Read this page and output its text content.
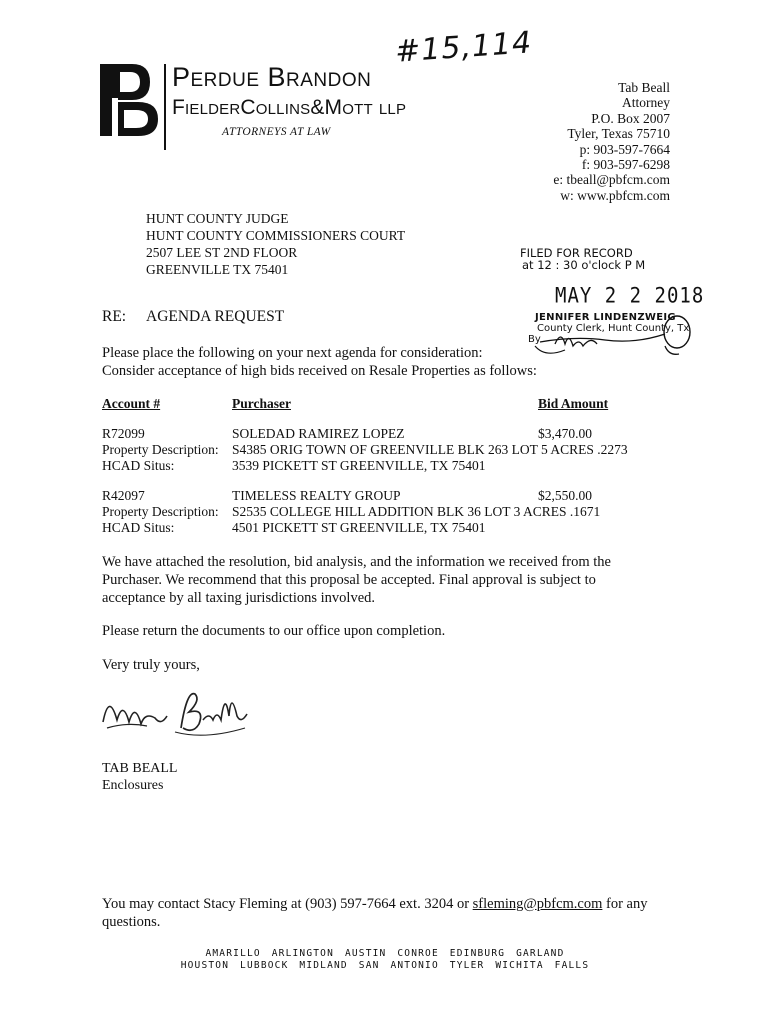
#15,114
Perdue Brandon
FielderCollins&Mott llp
ATTORNEYS AT LAW
Tab Beall
Attorney
P.O. Box 2007
Tyler, Texas 75710
p: 903-597-7664
f: 903-597-6298
e: tbeall@pbfcm.com
w: www.pbfcm.com
HUNT COUNTY JUDGE
HUNT COUNTY COMMISSIONERS COURT
2507 LEE ST 2ND FLOOR
GREENVILLE TX 75401
FILED FOR RECORD
at 12 : 30 o'clock P M
MAY 2 2 2018
JENNIFER LINDENZWEIG
County Clerk, Hunt County, Tx
By
RE: AGENDA REQUEST
Please place the following on your next agenda for consideration:
Consider acceptance of high bids received on Resale Properties as follows:
Account #	Purchaser	Bid Amount
R72099	SOLEDAD RAMIREZ LOPEZ	$3,470.00
Property Description: S4385 ORIG TOWN OF GREENVILLE BLK 263 LOT 5 ACRES .2273
HCAD Situs:	3539 PICKETT ST GREENVILLE, TX 75401
R42097	TIMELESS REALTY GROUP	$2,550.00
Property Description: S2535 COLLEGE HILL ADDITION BLK 36 LOT 3 ACRES .1671
HCAD Situs:	4501 PICKETT ST GREENVILLE, TX 75401
We have attached the resolution, bid analysis, and the information we received from the
Purchaser. We recommend that this proposal be accepted. Final approval is subject to
acceptance by all taxing jurisdictions involved.
Please return the documents to our office upon completion.
Very truly yours,
TAB BEALL
Enclosures
You may contact Stacy Fleming at (903) 597-7664 ext. 3204 or sfleming@pbfcm.com for any
questions.
AMARILLO ARLINGTON AUSTIN CONROE EDINBURG GARLAND
HOUSTON LUBBOCK MIDLAND SAN ANTONIO TYLER WICHITA FALLS
